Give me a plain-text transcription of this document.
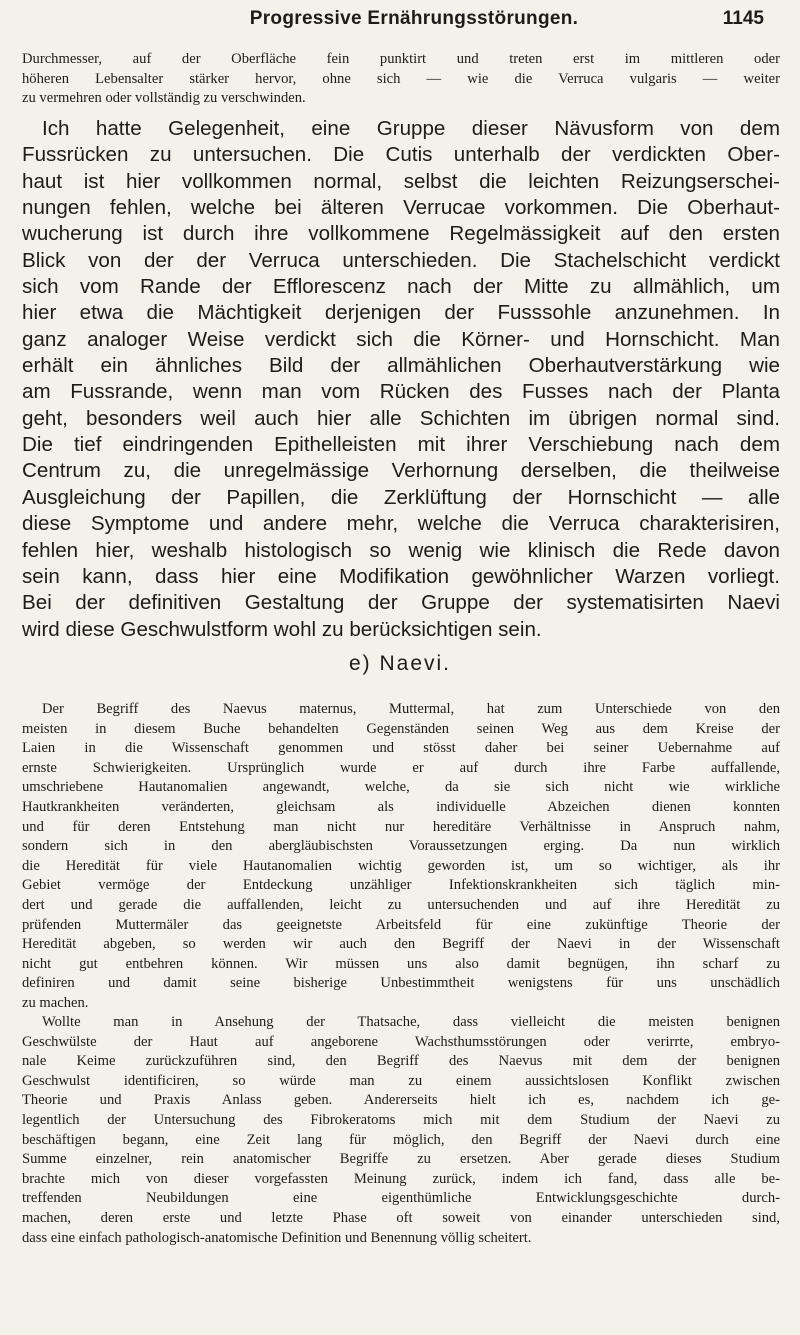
Progressive Ernährungsstörungen.	1145
Durchmesser, auf der Oberfläche fein punktirt und treten erst im mittleren oder
höheren Lebensalter stärker hervor, ohne sich — wie die Verruca vulgaris — weiter
zu vermehren oder vollständig zu verschwinden.
Ich hatte Gelegenheit, eine Gruppe dieser Nävusform von dem
Fussrücken zu untersuchen. Die Cutis unterhalb der verdickten Ober-
haut ist hier vollkommen normal, selbst die leichten Reizungserschei-
nungen fehlen, welche bei älteren Verrucae vorkommen. Die Oberhaut-
wucherung ist durch ihre vollkommene Regelmässigkeit auf den ersten
Blick von der der Verruca unterschieden. Die Stachelschicht verdickt
sich vom Rande der Efflorescenz nach der Mitte zu allmählich, um
hier etwa die Mächtigkeit derjenigen der Fusssohle anzunehmen. In
ganz analoger Weise verdickt sich die Körner- und Hornschicht. Man
erhält ein ähnliches Bild der allmählichen Oberhautverstärkung wie
am Fussrande, wenn man vom Rücken des Fusses nach der Planta
geht, besonders weil auch hier alle Schichten im übrigen normal sind.
Die tief eindringenden Epithelleisten mit ihrer Verschiebung nach dem
Centrum zu, die unregelmässige Verhornung derselben, die theilweise
Ausgleichung der Papillen, die Zerklüftung der Hornschicht — alle
diese Symptome und andere mehr, welche die Verruca charakterisiren,
fehlen hier, weshalb histologisch so wenig wie klinisch die Rede davon
sein kann, dass hier eine Modifikation gewöhnlicher Warzen vorliegt.
Bei der definitiven Gestaltung der Gruppe der systematisirten Naevi
wird diese Geschwulstform wohl zu berücksichtigen sein.
e) Naevi.
Der Begriff des Naevus maternus, Muttermal, hat zum Unterschiede von den
meisten in diesem Buche behandelten Gegenständen seinen Weg aus dem Kreise der
Laien in die Wissenschaft genommen und stösst daher bei seiner Uebernahme auf
ernste Schwierigkeiten. Ursprünglich wurde er auf durch ihre Farbe auffallende,
umschriebene Hautanomalien angewandt, welche, da sie sich nicht wie wirkliche
Hautkrankheiten veränderten, gleichsam als individuelle Abzeichen dienen konnten
und für deren Entstehung man nicht nur hereditäre Verhältnisse in Anspruch nahm,
sondern sich in den abergläubischsten Voraussetzungen erging. Da nun wirklich
die Heredität für viele Hautanomalien wichtig geworden ist, um so wichtiger, als ihr
Gebiet vermöge der Entdeckung unzähliger Infektionskrankheiten sich täglich min-
dert und gerade die auffallenden, leicht zu untersuchenden und auf ihre Heredität zu
prüfenden Muttermäler das geeignetste Arbeitsfeld für eine zukünftige Theorie der
Heredität abgeben, so werden wir auch den Begriff der Naevi in der Wissenschaft
nicht gut entbehren können. Wir müssen uns also damit begnügen, ihn scharf zu
definiren und damit seine bisherige Unbestimmtheit wenigstens für uns unschädlich
zu machen.
Wollte man in Ansehung der Thatsache, dass vielleicht die meisten benignen
Geschwülste der Haut auf angeborene Wachsthumsstörungen oder verirrte, embryo-
nale Keime zurückzuführen sind, den Begriff des Naevus mit dem der benignen
Geschwulst identificiren, so würde man zu einem aussichtslosen Konflikt zwischen
Theorie und Praxis Anlass geben. Andererseits hielt ich es, nachdem ich ge-
legentlich der Untersuchung des Fibrokeratoms mich mit dem Studium der Naevi zu
beschäftigen begann, eine Zeit lang für möglich, den Begriff der Naevi durch eine
Summe einzelner, rein anatomischer Begriffe zu ersetzen. Aber gerade dieses Studium
brachte mich von dieser vorgefassten Meinung zurück, indem ich fand, dass alle be-
treffenden Neubildungen eine eigenthümliche Entwicklungsgeschichte durch-
machen, deren erste und letzte Phase oft soweit von einander unterschieden sind,
dass eine einfach pathologisch-anatomische Definition und Benennung völlig scheitert.
